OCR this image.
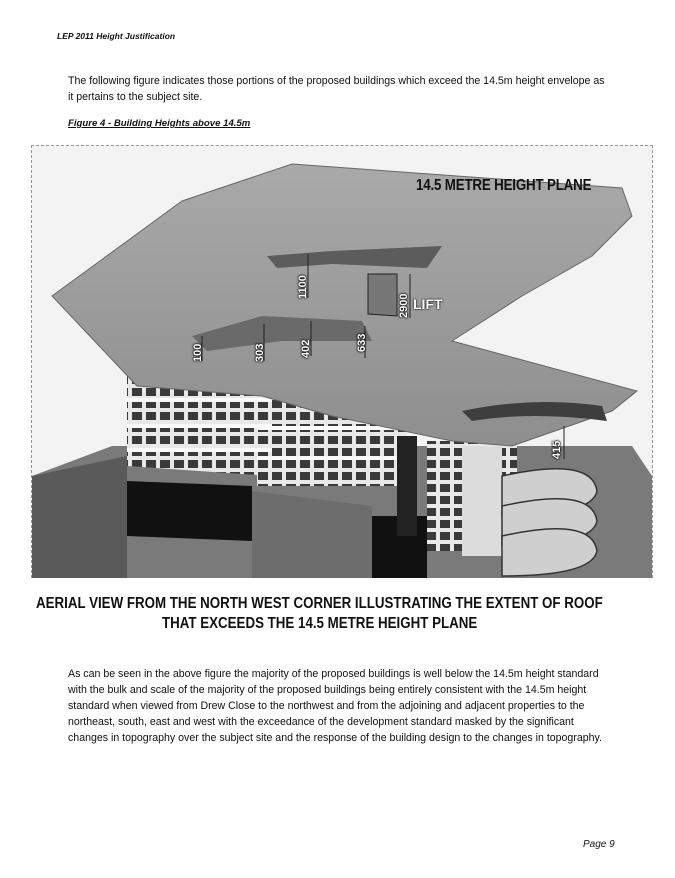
LEP 2011 Height Justification
The following figure indicates those portions of the proposed buildings which exceed the 14.5m height envelope as it pertains to the subject site.
Figure 4 - Building Heights above 14.5m
14.5 METRE HEIGHT PLANE
1100
2900
100	303	402	633
415
LIFT
AERIAL VIEW FROM THE NORTH WEST CORNER ILLUSTRATING THE EXTENT OF ROOF
THAT EXCEEDS THE 14.5 METRE HEIGHT PLANE
As can be seen in the above figure the majority of the proposed buildings is well below the 14.5m height standard with the bulk and scale of the majority of the proposed buildings being entirely consistent with the 14.5m height standard when viewed from Drew Close to the northwest and from the adjoining and adjacent properties to the northeast, south, east and west with the exceedance of the development standard masked by the significant changes in topography over the subject site and the response of the building design to the changes in topography.
Page 9
